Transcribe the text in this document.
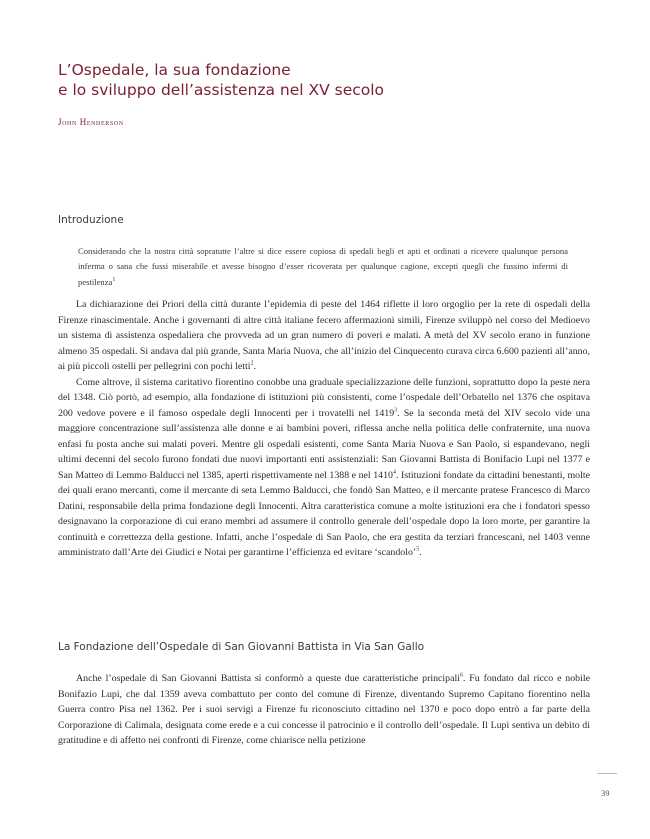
L’Ospedale, la sua fondazione
e lo sviluppo dell’assistenza nel XV secolo
John Henderson
Introduzione

Considerando che la nostra città sopratutte l’altre si dice essere copiosa di spedali begli et apti et ordinati a ricevere qualunque persona inferma o sana che fussi miserabile et avesse bisogno d’esser ricoverata per qualunque cagione, excepti quegli che fussino infermi di pestilenza$^1$

La dichiarazione dei Priori della città durante l’epidemia di peste del 1464 riflette il loro orgoglio per la rete di ospedali della Firenze rinascimentale. Anche i governanti di altre città italiane fecero affermazioni simili, Firenze sviluppò nel corso del Medioevo un sistema di assistenza ospedaliera che provveda ad un gran numero di poveri e malati. A metà del XV secolo erano in funzione almeno 35 ospedali. Si andava dal più grande, Santa Maria Nuova, che all’inizio del Cinquecento curava circa 6.600 pazienti all’anno, ai più piccoli ostelli per pellegrini con pochi letti$^2$.

Come altrove, il sistema caritativo fiorentino conobbe una graduale specializzazione delle funzioni, soprattutto dopo la peste nera del 1348. Ciò portò, ad esempio, alla fondazione di istituzioni più consistenti, come l’ospedale dell’Orbatello nel 1376 che ospitava 200 vedove povere e il famoso ospedale degli Innocenti per i trovatelli nel 1419$^3$. Se la seconda metà del XIV secolo vide una maggiore concentrazione sull’assistenza alle donne e ai bambini poveri, riflessa anche nella politica delle confraternite, una nuova enfasi fu posta anche sui malati poveri. Mentre gli ospedali esistenti, come Santa Maria Nuova e San Paolo, si espandevano, negli ultimi decenni del secolo furono fondati due nuovi importanti enti assistenziali: San Giovanni Battista di Bonifacio Lupi nel 1377 e San Matteo di Lemmo Balducci nel 1385, aperti rispettivamente nel 1388 e nel 1410$^4$. Istituzioni fondate da cittadini benestanti, molte dei quali erano mercanti, come il mercante di seta Lemmo Balducci, che fondò San Matteo, e il mercante pratese Francesco di Marco Datini, responsabile della prima fondazione degli Innocenti. Altra caratteristica comune a molte istituzioni era che i fondatori spesso designavano la corporazione di cui erano membri ad assumere il controllo generale dell’ospedale dopo la loro morte, per garantire la continuità e correttezza della gestione. Infatti, anche l’ospedale di San Paolo, che era gestita da terziari francescani, nel 1403 venne amministrato dall’Arte dei Giudici e Notai per garantirne l’efficienza ed evitare ‘scandolo’$^5$.

La Fondazione dell’Ospedale di San Giovanni Battista in Via San Gallo

Anche l’ospedale di San Giovanni Battista si conformò a queste due caratteristiche principali$^6$. Fu fondato dal ricco e nobile Bonifazio Lupi, che dal 1359 aveva combattuto per conto del comune di Firenze, diventando Supremo Capitano fiorentino nella Guerra contro Pisa nel 1362. Per i suoi servigi a Firenze fu riconosciuto cittadino nel 1370 e poco dopo entrò a far parte della Corporazione di Calimala, designata come erede e a cui concesse il patrocinio e il controllo dell’ospedale. Il Lupi sentiva un debito di gratitudine e di affetto nei confronti di Firenze, come chiarisce nella petizione

39
